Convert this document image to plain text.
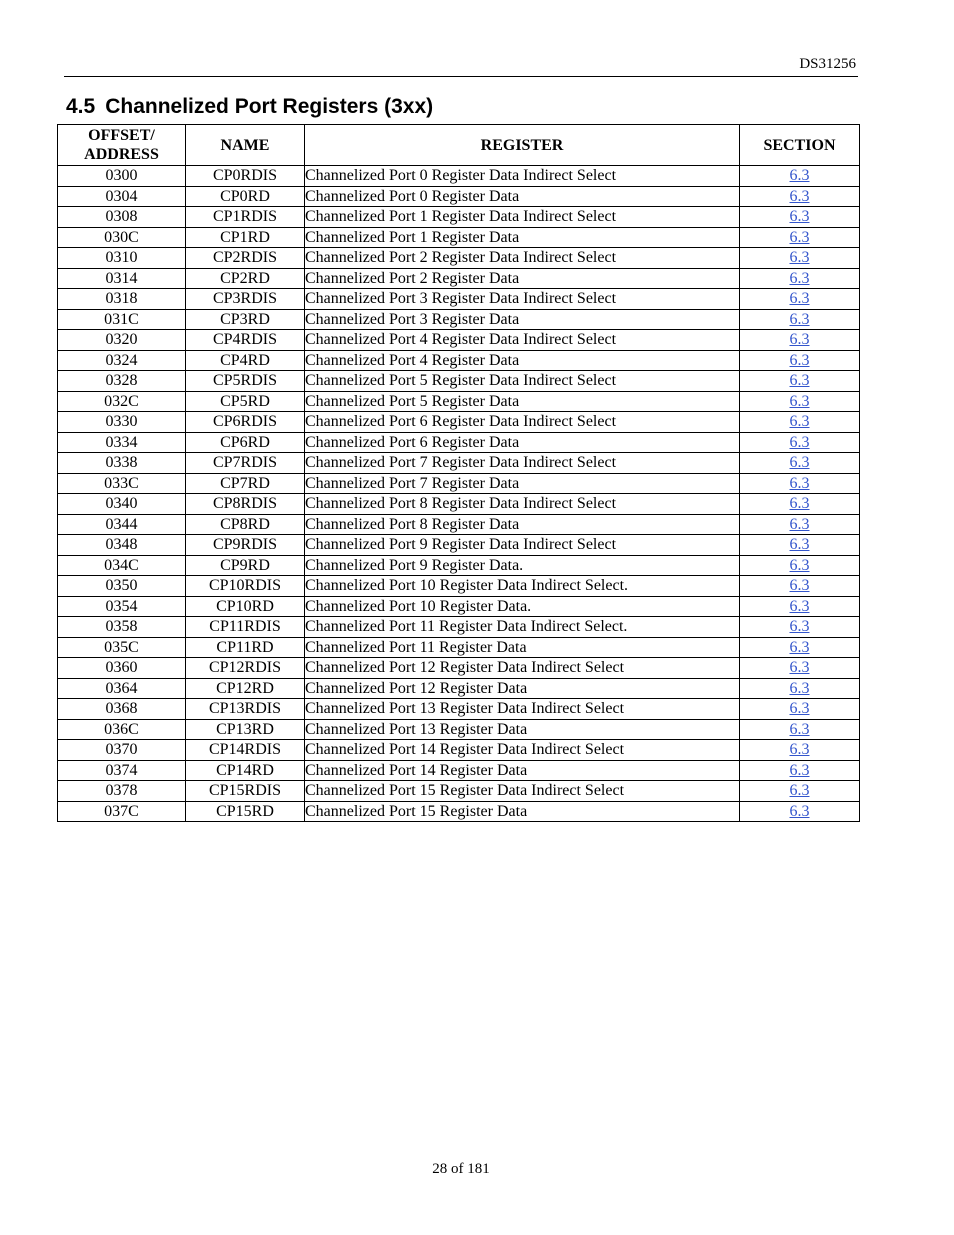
DS31256
4.5 Channelized Port Registers (3xx)
OFFSET/
ADDRESS	NAME	REGISTER	SECTION
0300	CP0RDIS	Channelized Port 0 Register Data Indirect Select	6.3
0304	CP0RD	Channelized Port 0 Register Data	6.3
0308	CP1RDIS	Channelized Port 1 Register Data Indirect Select	6.3
030C	CP1RD	Channelized Port 1 Register Data	6.3
0310	CP2RDIS	Channelized Port 2 Register Data Indirect Select	6.3
0314	CP2RD	Channelized Port 2 Register Data	6.3
0318	CP3RDIS	Channelized Port 3 Register Data Indirect Select	6.3
031C	CP3RD	Channelized Port 3 Register Data	6.3
0320	CP4RDIS	Channelized Port 4 Register Data Indirect Select	6.3
0324	CP4RD	Channelized Port 4 Register Data	6.3
0328	CP5RDIS	Channelized Port 5 Register Data Indirect Select	6.3
032C	CP5RD	Channelized Port 5 Register Data	6.3
0330	CP6RDIS	Channelized Port 6 Register Data Indirect Select	6.3
0334	CP6RD	Channelized Port 6 Register Data	6.3
0338	CP7RDIS	Channelized Port 7 Register Data Indirect Select	6.3
033C	CP7RD	Channelized Port 7 Register Data	6.3
0340	CP8RDIS	Channelized Port 8 Register Data Indirect Select	6.3
0344	CP8RD	Channelized Port 8 Register Data	6.3
0348	CP9RDIS	Channelized Port 9 Register Data Indirect Select	6.3
034C	CP9RD	Channelized Port 9 Register Data.	6.3
0350	CP10RDIS	Channelized Port 10 Register Data Indirect Select.	6.3
0354	CP10RD	Channelized Port 10 Register Data.	6.3
0358	CP11RDIS	Channelized Port 11 Register Data Indirect Select.	6.3
035C	CP11RD	Channelized Port 11 Register Data	6.3
0360	CP12RDIS	Channelized Port 12 Register Data Indirect Select	6.3
0364	CP12RD	Channelized Port 12 Register Data	6.3
0368	CP13RDIS	Channelized Port 13 Register Data Indirect Select	6.3
036C	CP13RD	Channelized Port 13 Register Data	6.3
0370	CP14RDIS	Channelized Port 14 Register Data Indirect Select	6.3
0374	CP14RD	Channelized Port 14 Register Data	6.3
0378	CP15RDIS	Channelized Port 15 Register Data Indirect Select	6.3
037C	CP15RD	Channelized Port 15 Register Data	6.3
28 of 181
